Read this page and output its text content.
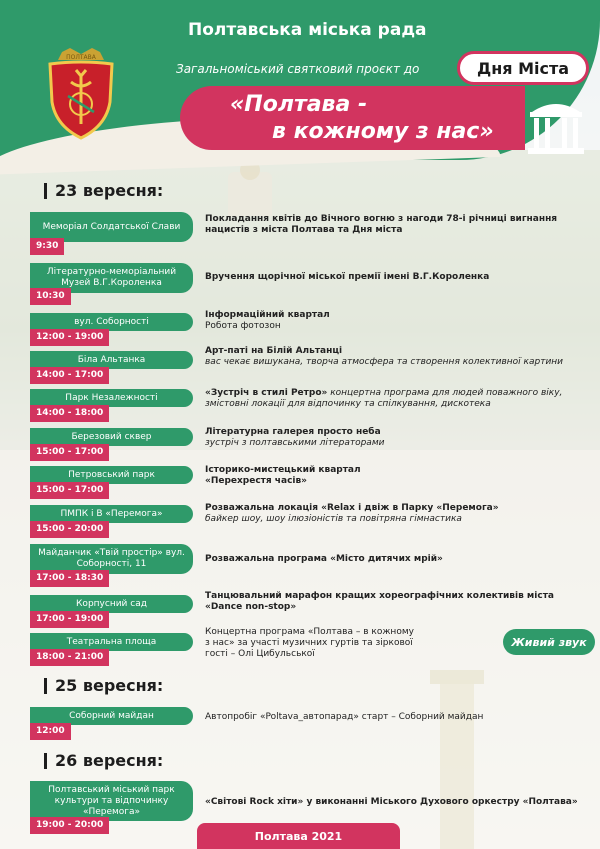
ПОЛТАВА
Полтавська міська рада
Загальноміський святковий проєкт до	Дня Міста
«Полтава -
в кожному з нас»
23 вересня:
25 вересня:
26 вересня:
Меморіал Солдатської Слави
9:30
Покладання квітів до Вічного вогню з нагоди 78-і річниці вигнання нацистів з міста Полтава та Дня міста
Літературно-меморіальний Музей В.Г.Короленка
10:30
Вручення щорічної міської премії імені В.Г.Короленка
вул. Соборності
12:00 - 19:00
Інформаційний квартал
Робота фотозон
Біла Альтанка
14:00 - 17:00
Арт-паті на Білій Альтанці
вас чекає вишукана, творча атмосфера та створення колективної картини
Парк Незалежності
14:00 - 18:00
«Зустріч в стилі Ретро» концертна програма для людей поважного віку, змістовні локації для відпочинку та спілкування, дискотека
Березовий сквер
15:00 - 17:00
Літературна галерея просто неба
зустріч з полтавськими літераторами
Петровський парк
15:00 - 17:00
Історико-мистецький квартал «Перехрестя часів»
ПМПК і В «Перемога»
15:00 - 20:00
Розважальна локація «Relax і двіж в Парку «Перемога»
байкер шоу, шоу ілюзіоністів та повітряна гімнастика
Майданчик «Твій простір» вул. Соборності, 11
17:00 - 18:30
Розважальна програма «Місто дитячих мрій»
Корпусний сад
17:00 - 19:00
Танцювальний марафон кращих хореографічних колективів міста «Dance non-stop»
Театральна площа
18:00 - 21:00
Концертна програма «Полтава – в кожному з нас» за участі музичних гуртів та зіркової гості – Олі Цибульської
Живий звук
Соборний майдан
12:00
Автопробіг «Poltava_автопарад» старт – Соборний майдан
Полтавський міський парк культури та відпочинку «Перемога»
19:00 - 20:00
«Світові Rock хіти» у виконанні Міського Духового оркестру «Полтава»
Полтава 2021
